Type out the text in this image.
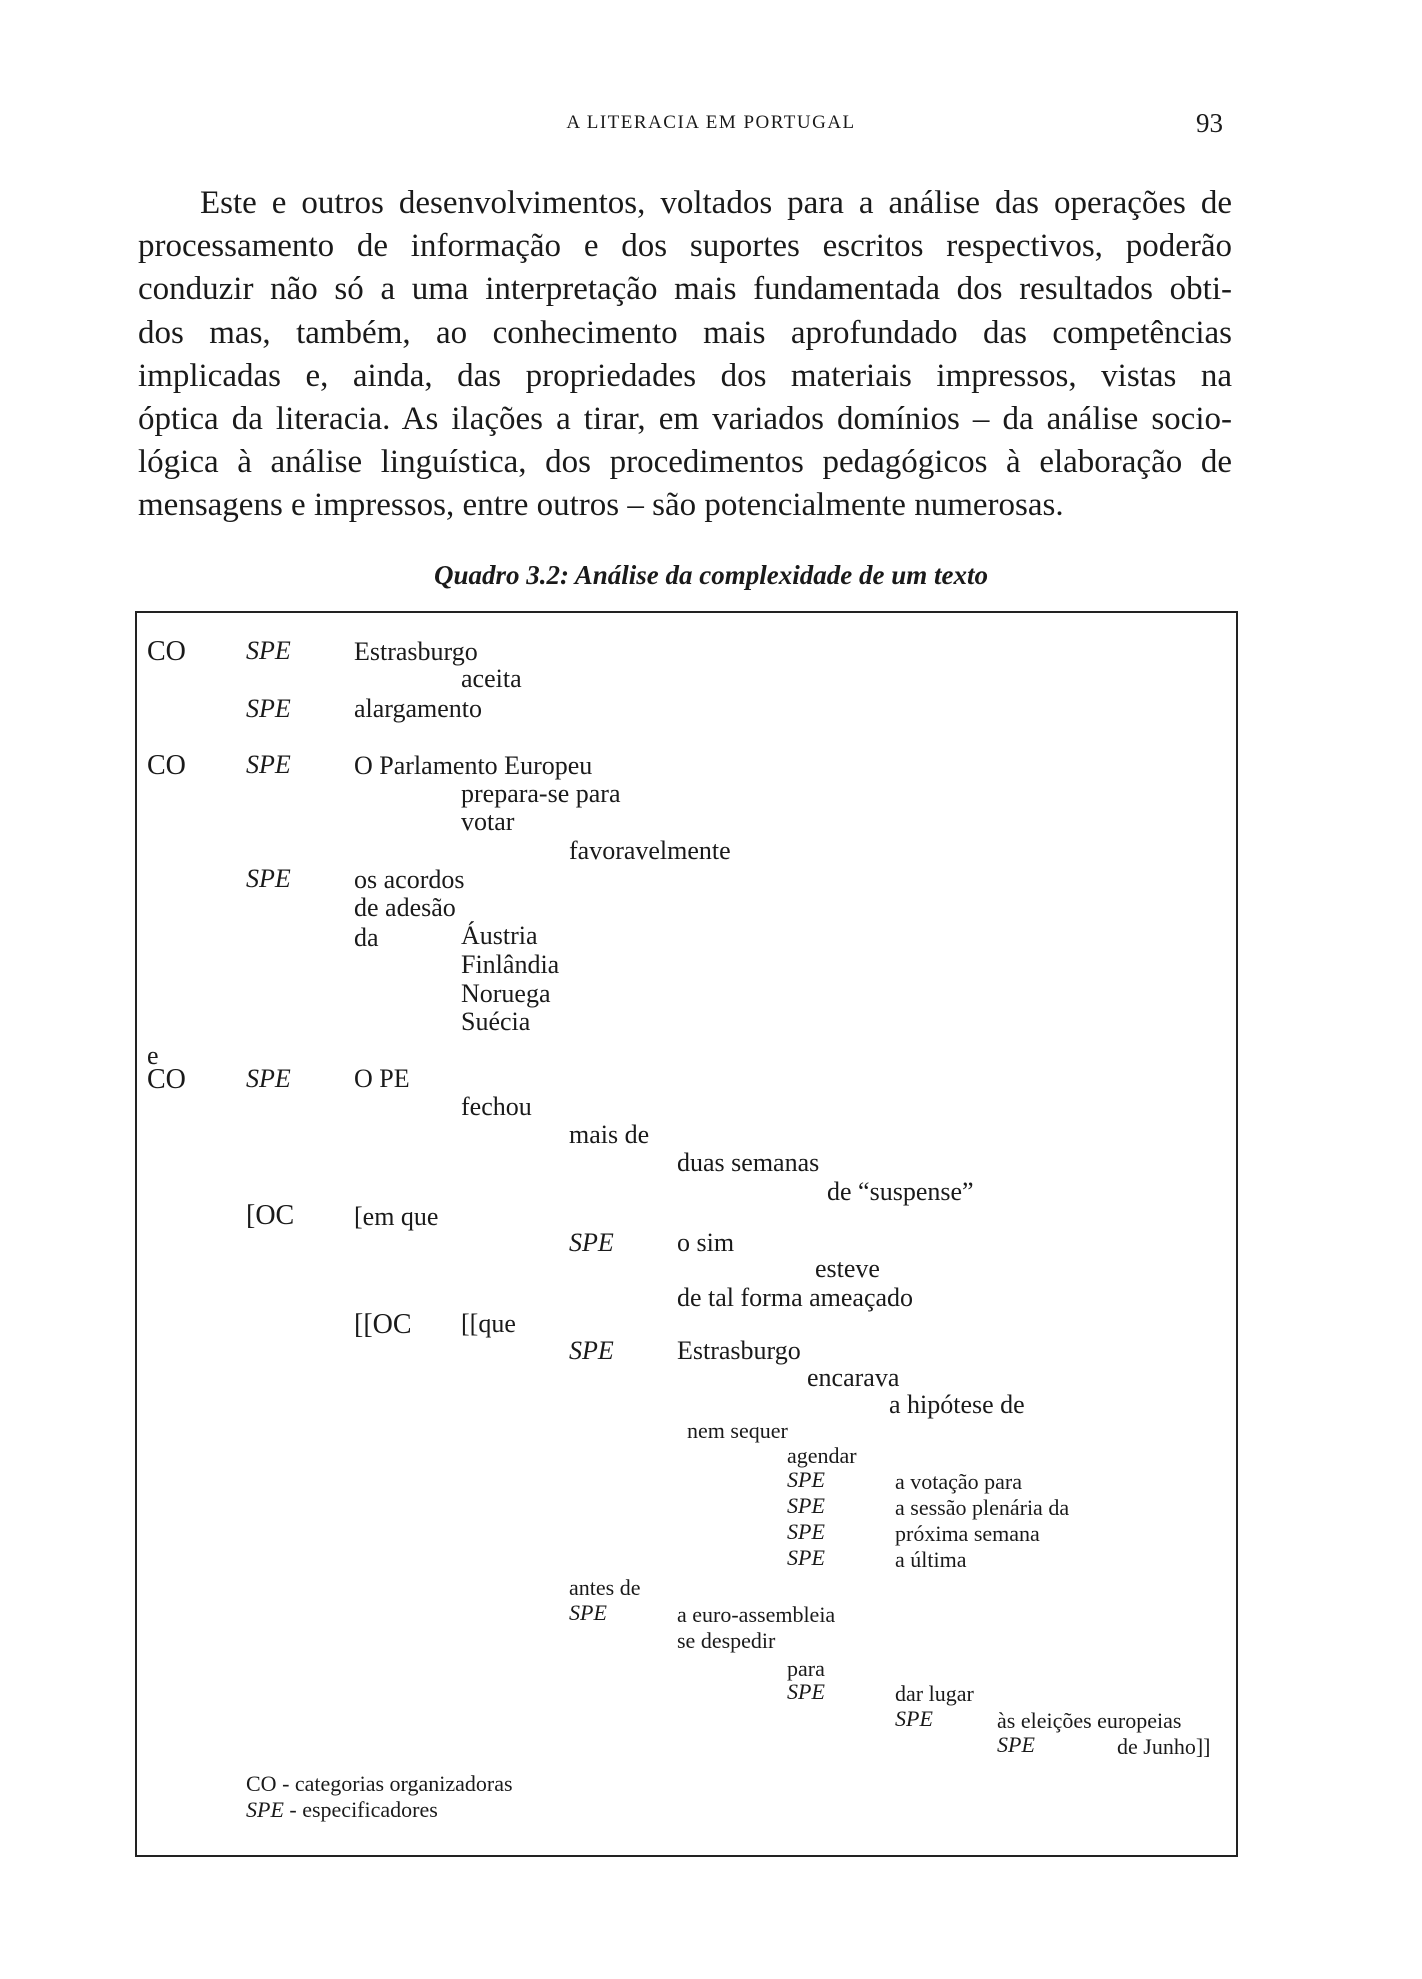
A LITERACIA EM PORTUGAL	93
Este e outros desenvolvimentos, voltados para a análise das operações de
processamento de informação e dos suportes escritos respectivos, poderão
conduzir não só a uma interpretação mais fundamentada dos resultados obti-
dos mas, também, ao conhecimento mais aprofundado das competências
implicadas e, ainda, das propriedades dos materiais impressos, vistas na
óptica da literacia. As ilações a tirar, em variados domínios – da análise socio-
lógica à análise linguística, dos procedimentos pedagógicos à elaboração de
mensagens e impressos, entre outros – são potencialmente numerosas.
Quadro 3.2: Análise da complexidade de um texto
CO SPE Estrasburgo
aceita
SPE alargamento
CO SPE O Parlamento Europeu
prepara-se para
votar
favoravelmente
SPE os acordos
de adesão
da	Áustria
Finlândia
Noruega
Suécia
e
CO SPE O PE
fechou
mais de
duas semanas
de “suspense”
[OC [em que
SPE o sim
esteve
de tal forma ameaçado
[[OC [[que
SPE Estrasburgo
encarava
a hipótese de
nem sequer
agendar
SPE	a votação para
SPE	a sessão plenária da
SPE	próxima semana
SPE	a última
antes de
SPE	a euro-assembleia
se despedir
para
SPE	dar lugar
SPE	às eleições europeias
SPE	de Junho]]
CO - categorias organizadoras
SPE - especificadores
